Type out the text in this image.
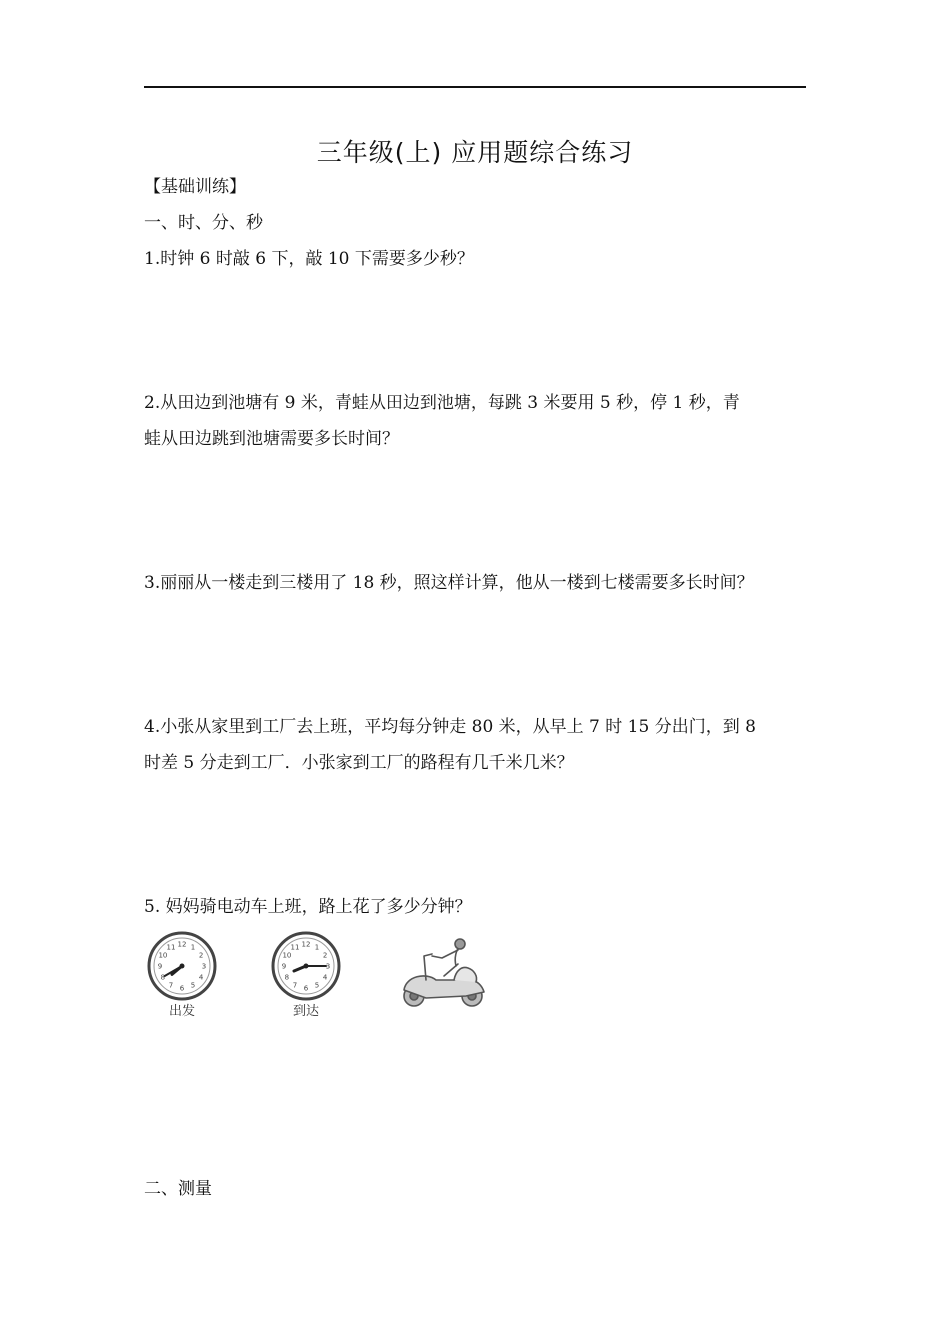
三年级(上) 应用题综合练习
【基础训练】
一、时、分、秒
1.时钟 6 时敲 6 下，敲 10 下需要多少秒？
2.从田边到池塘有 9 米，青蛙从田边到池塘，每跳 3 米要用 5 秒，停 1 秒，青
蛙从田边跳到池塘需要多长时间？
3.丽丽从一楼走到三楼用了 18 秒，照这样计算，他从一楼到七楼需要多长时间？
4.小张从家里到工厂去上班，平均每分钟走 80 米，从早上 7 时 15 分出门，到 8
时差 5 分走到工厂．小张家到工厂的路程有几千米几米？
5. 妈妈骑电动车上班，路上花了多少分钟？
1
2
3
4
5
6
7
8
9
10
11 12
出发
1
2
3
4
5
6
7
8
9
10
11 12
到达
二、测量
